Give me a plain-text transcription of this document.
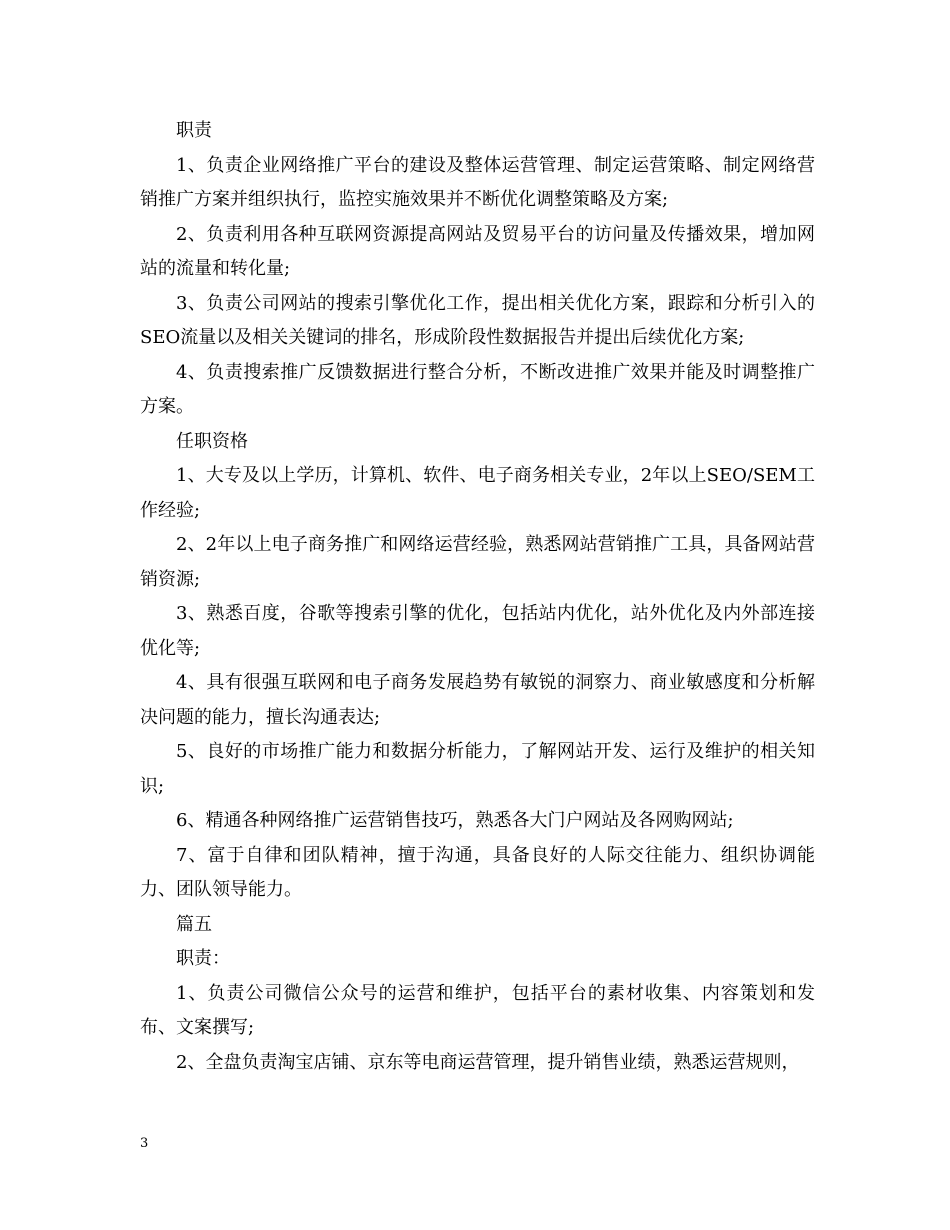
职责

1、负责企业网络推广平台的建设及整体运营管理、制定运营策略、制定网络营销推广方案并组织执行，监控实施效果并不断优化调整策略及方案;

2、负责利用各种互联网资源提高网站及贸易平台的访问量及传播效果，增加网站的流量和转化量;

3、负责公司网站的搜索引擎优化工作，提出相关优化方案，跟踪和分析引入的SEO流量以及相关关键词的排名，形成阶段性数据报告并提出后续优化方案;

4、负责搜索推广反馈数据进行整合分析，不断改进推广效果并能及时调整推广方案。

任职资格

1、大专及以上学历，计算机、软件、电子商务相关专业，2年以上SEO/SEM工作经验;

2、2年以上电子商务推广和网络运营经验，熟悉网站营销推广工具，具备网站营销资源;

3、熟悉百度，谷歌等搜索引擎的优化，包括站内优化，站外优化及内外部连接优化等;

4、具有很强互联网和电子商务发展趋势有敏锐的洞察力、商业敏感度和分析解决问题的能力，擅长沟通表达;

5、良好的市场推广能力和数据分析能力，了解网站开发、运行及维护的相关知识;

6、精通各种网络推广运营销售技巧，熟悉各大门户网站及各网购网站;

7、富于自律和团队精神，擅于沟通，具备良好的人际交往能力、组织协调能力、团队领导能力。

篇五

职责：

1、负责公司微信公众号的运营和维护，包括平台的素材收集、内容策划和发布、文案撰写;

2、全盘负责淘宝店铺、京东等电商运营管理，提升销售业绩，熟悉运营规则，

3
